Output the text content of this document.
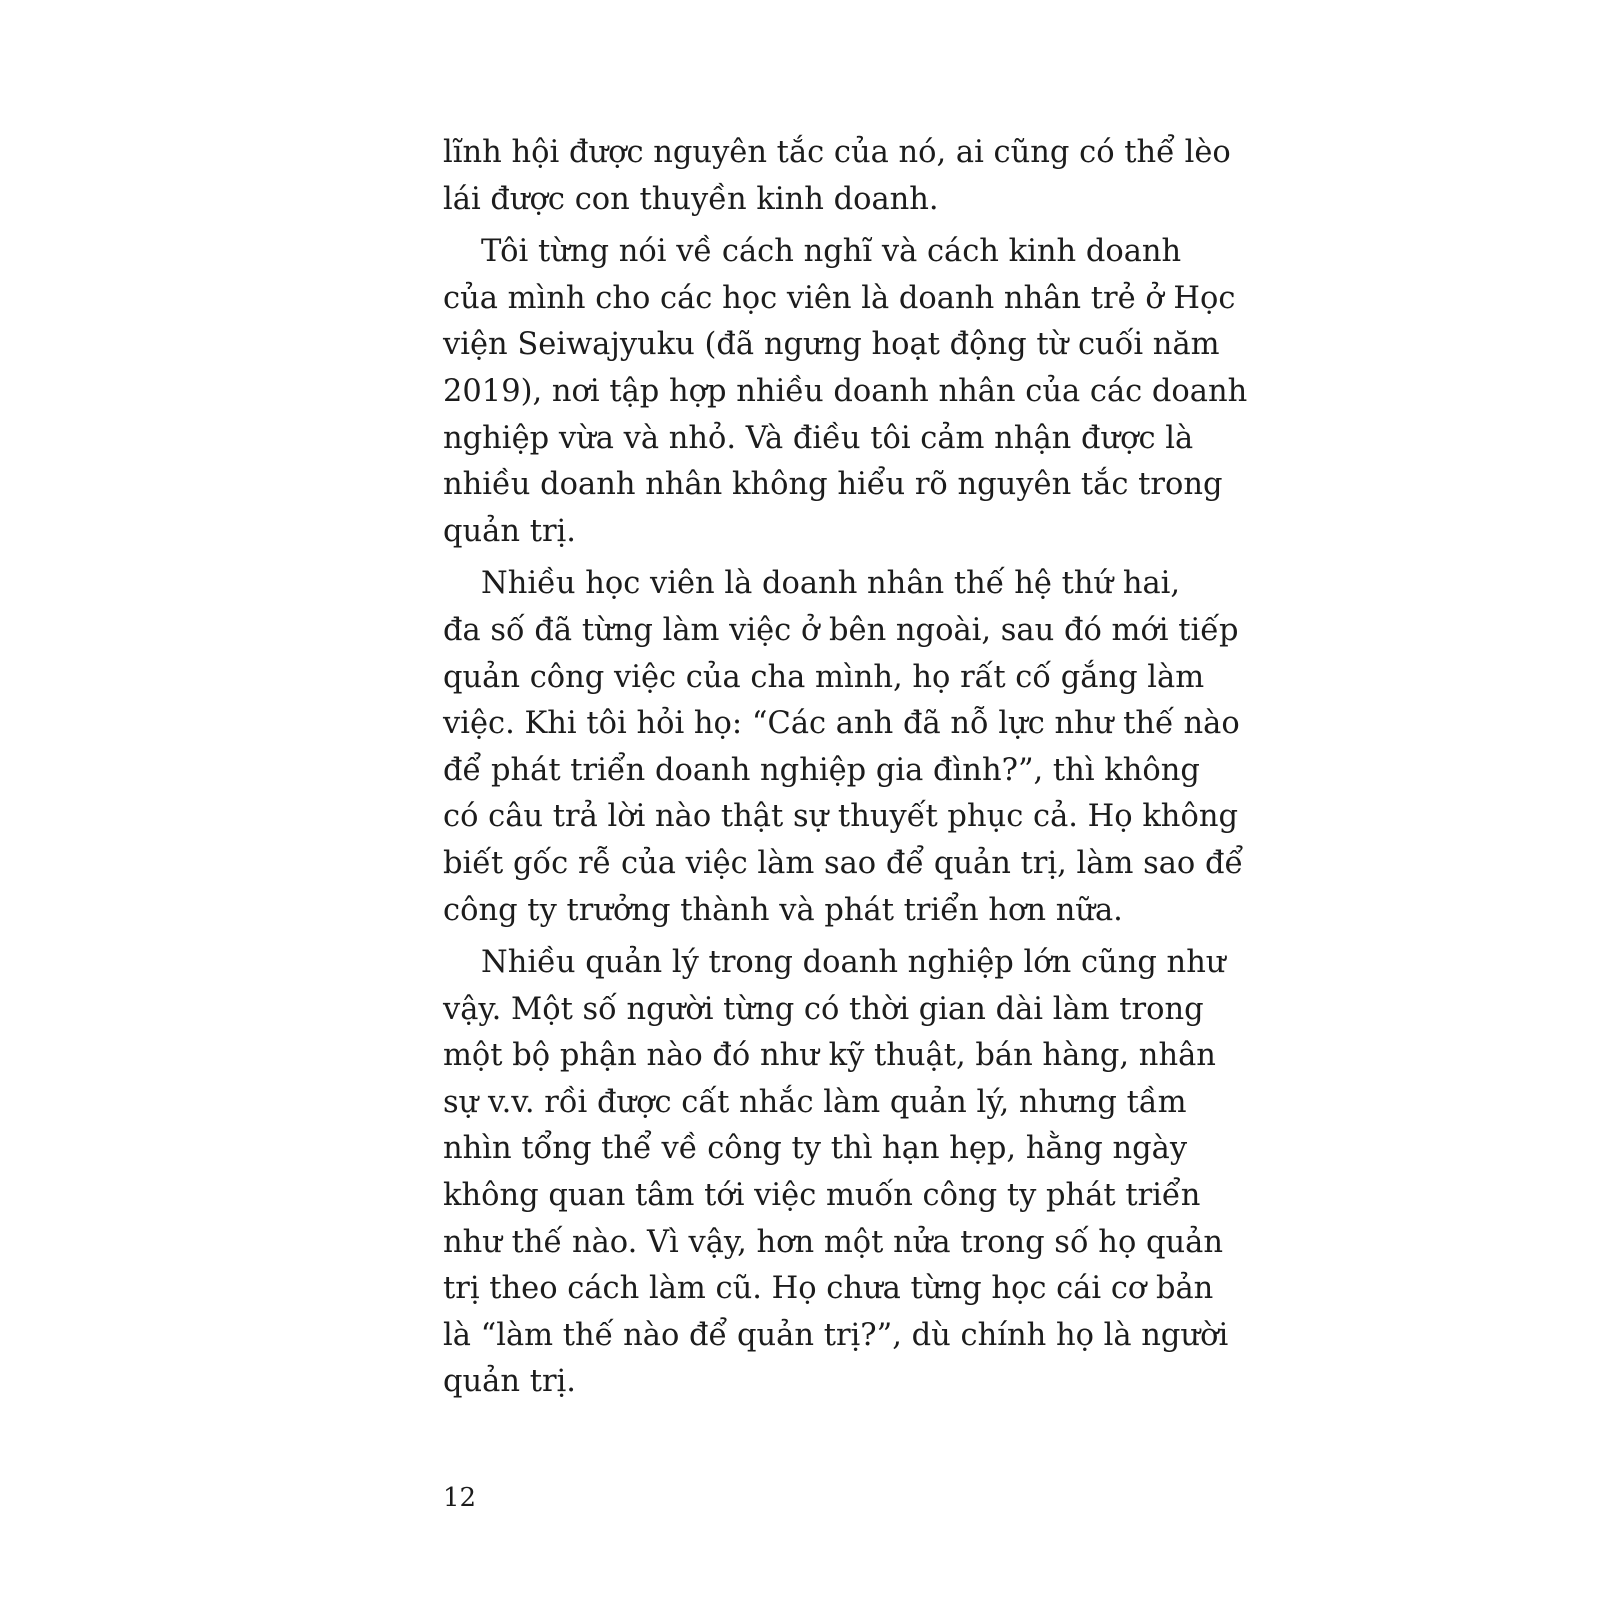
lĩnh hội được nguyên tắc của nó, ai cũng có thể lèo
lái được con thuyền kinh doanh.
Tôi từng nói về cách nghĩ và cách kinh doanh
của mình cho các học viên là doanh nhân trẻ ở Học
viện Seiwajyuku (đã ngưng hoạt động từ cuối năm
2019), nơi tập hợp nhiều doanh nhân của các doanh
nghiệp vừa và nhỏ. Và điều tôi cảm nhận được là
nhiều doanh nhân không hiểu rõ nguyên tắc trong
quản trị.
Nhiều học viên là doanh nhân thế hệ thứ hai,
đa số đã từng làm việc ở bên ngoài, sau đó mới tiếp
quản công việc của cha mình, họ rất cố gắng làm
việc. Khi tôi hỏi họ: “Các anh đã nỗ lực như thế nào
để phát triển doanh nghiệp gia đình?”, thì không
có câu trả lời nào thật sự thuyết phục cả. Họ không
biết gốc rễ của việc làm sao để quản trị, làm sao để
công ty trưởng thành và phát triển hơn nữa.
Nhiều quản lý trong doanh nghiệp lớn cũng như
vậy. Một số người từng có thời gian dài làm trong
một bộ phận nào đó như kỹ thuật, bán hàng, nhân
sự v.v. rồi được cất nhắc làm quản lý, nhưng tầm
nhìn tổng thể về công ty thì hạn hẹp, hằng ngày
không quan tâm tới việc muốn công ty phát triển
như thế nào. Vì vậy, hơn một nửa trong số họ quản
trị theo cách làm cũ. Họ chưa từng học cái cơ bản
là “làm thế nào để quản trị?”, dù chính họ là người
quản trị.
12
